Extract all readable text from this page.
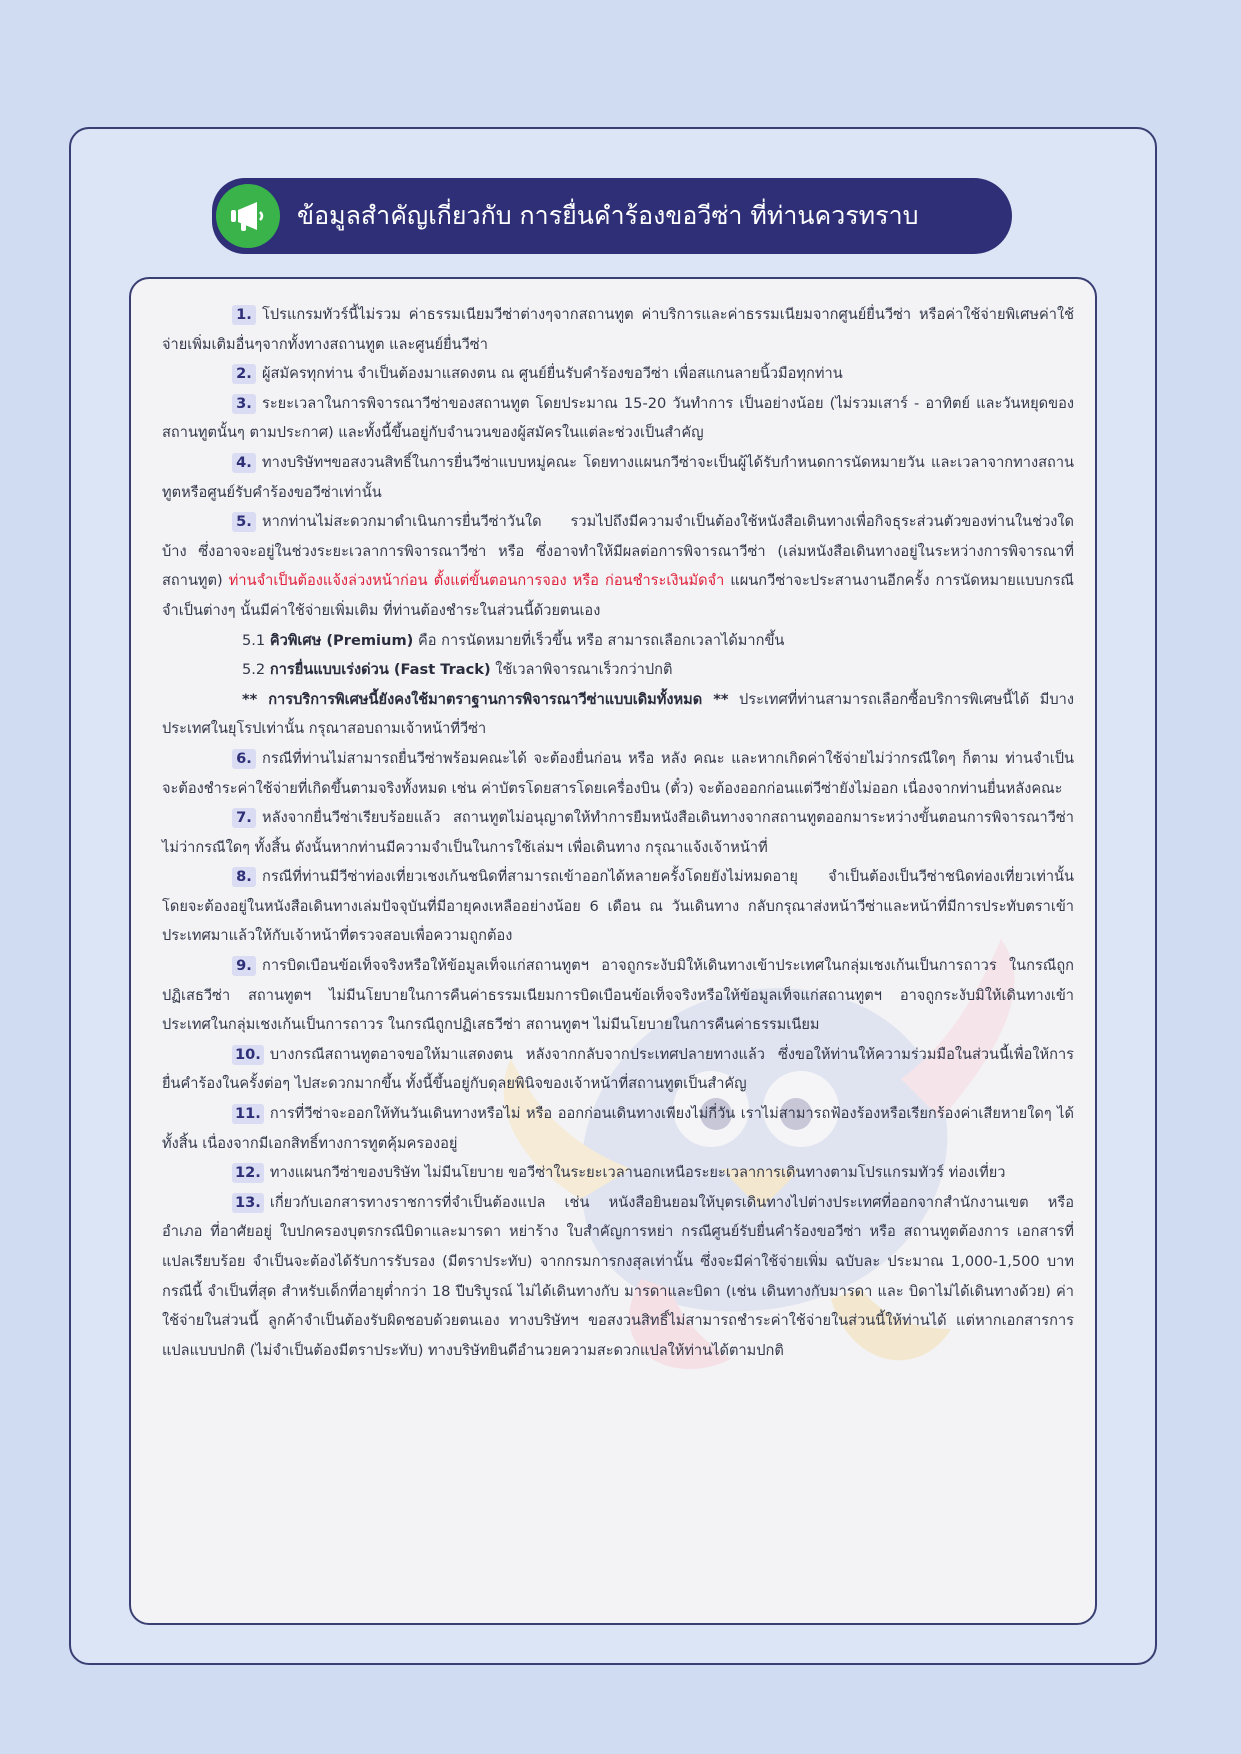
ข้อมูลสำคัญเกี่ยวกับ การยื่นคำร้องขอวีซ่า ที่ท่านควรทราบ

1. โปรแกรมทัวร์นี้ไม่รวม ค่าธรรมเนียมวีซ่าต่างๆจากสถานทูต ค่าบริการและค่าธรรมเนียมจากศูนย์ยื่นวีซ่า หรือค่าใช้จ่ายพิเศษค่าใช้จ่ายเพิ่มเติมอื่นๆจากทั้งทางสถานทูต และศูนย์ยื่นวีซ่า

2. ผู้สมัครทุกท่าน จำเป็นต้องมาแสดงตน ณ ศูนย์ยื่นรับคำร้องขอวีซ่า เพื่อสแกนลายนิ้วมือทุกท่าน

3. ระยะเวลาในการพิจารณาวีซ่าของสถานทูต โดยประมาณ 15-20 วันทำการ เป็นอย่างน้อย (ไม่รวมเสาร์ - อาทิตย์ และวันหยุดของสถานทูตนั้นๆ ตามประกาศ) และทั้งนี้ขึ้นอยู่กับจำนวนของผู้สมัครในแต่ละช่วงเป็นสำคัญ

4. ทางบริษัทฯขอสงวนสิทธิ์ในการยื่นวีซ่าแบบหมู่คณะ โดยทางแผนกวีซ่าจะเป็นผู้ได้รับกำหนดการนัดหมายวัน และเวลาจากทางสถานทูตหรือศูนย์รับคำร้องขอวีซ่าเท่านั้น

5. หากท่านไม่สะดวกมาดำเนินการยื่นวีซ่าวันใด รวมไปถึงมีความจำเป็นต้องใช้หนังสือเดินทางเพื่อกิจธุระส่วนตัวของท่านในช่วงใดบ้าง ซึ่งอาจจะอยู่ในช่วงระยะเวลาการพิจารณาวีซ่า หรือ ซึ่งอาจทำให้มีผลต่อการพิจารณาวีซ่า (เล่มหนังสือเดินทางอยู่ในระหว่างการพิจารณาที่สถานทูต) ท่านจำเป็นต้องแจ้งล่วงหน้าก่อน ตั้งแต่ขั้นตอนการจอง หรือ ก่อนชำระเงินมัดจำ แผนกวีซ่าจะประสานงานอีกครั้ง การนัดหมายแบบกรณีจำเป็นต่างๆ นั้นมีค่าใช้จ่ายเพิ่มเติม ที่ท่านต้องชำระในส่วนนี้ด้วยตนเอง

5.1 คิวพิเศษ (Premium) คือ การนัดหมายที่เร็วขึ้น หรือ สามารถเลือกเวลาได้มากขึ้น

5.2 การยื่นแบบเร่งด่วน (Fast Track) ใช้เวลาพิจารณาเร็วกว่าปกติ

** การบริการพิเศษนี้ยังคงใช้มาตราฐานการพิจารณาวีซ่าแบบเดิมทั้งหมด ** ประเทศที่ท่านสามารถเลือกซื้อบริการพิเศษนี้ได้ มีบางประเทศในยุโรปเท่านั้น กรุณาสอบถามเจ้าหน้าที่วีซ่า

6. กรณีที่ท่านไม่สามารถยื่นวีซ่าพร้อมคณะได้ จะต้องยื่นก่อน หรือ หลัง คณะ และหากเกิดค่าใช้จ่ายไม่ว่ากรณีใดๆ ก็ตาม ท่านจำเป็นจะต้องชำระค่าใช้จ่ายที่เกิดขึ้นตามจริงทั้งหมด เช่น ค่าบัตรโดยสารโดยเครื่องบิน (ตั๋ว) จะต้องออกก่อนแต่วีซ่ายังไม่ออก เนื่องจากท่านยื่นหลังคณะ

7. หลังจากยื่นวีซ่าเรียบร้อยแล้ว สถานทูตไม่อนุญาตให้ทำการยืมหนังสือเดินทางจากสถานทูตออกมาระหว่างขั้นตอนการพิจารณาวีซ่าไม่ว่ากรณีใดๆ ทั้งสิ้น ดังนั้นหากท่านมีความจำเป็นในการใช้เล่มฯ เพื่อเดินทาง กรุณาแจ้งเจ้าหน้าที่

8. กรณีที่ท่านมีวีซ่าท่องเที่ยวเชงเก้นชนิดที่สามารถเข้าออกได้หลายครั้งโดยยังไม่หมดอายุ จำเป็นต้องเป็นวีซ่าชนิดท่องเที่ยวเท่านั้น โดยจะต้องอยู่ในหนังสือเดินทางเล่มปัจจุบันที่มีอายุคงเหลืออย่างน้อย 6 เดือน ณ วันเดินทาง กลับกรุณาส่งหน้าวีซ่าและหน้าที่มีการประทับตราเข้าประเทศมาแล้วให้กับเจ้าหน้าที่ตรวจสอบเพื่อความถูกต้อง

9. การบิดเบือนข้อเท็จจริงหรือให้ข้อมูลเท็จแก่สถานทูตฯ อาจถูกระงับมิให้เดินทางเข้าประเทศในกลุ่มเชงเก้นเป็นการถาวร ในกรณีถูกปฏิเสธวีซ่า สถานทูตฯ ไม่มีนโยบายในการคืนค่าธรรมเนียมการบิดเบือนข้อเท็จจริงหรือให้ข้อมูลเท็จแก่สถานทูตฯ อาจถูกระงับมิให้เดินทางเข้าประเทศในกลุ่มเชงเก้นเป็นการถาวร ในกรณีถูกปฏิเสธวีซ่า สถานทูตฯ ไม่มีนโยบายในการคืนค่าธรรมเนียม

10. บางกรณีสถานทูตอาจขอให้มาแสดงตน หลังจากกลับจากประเทศปลายทางแล้ว ซึ่งขอให้ท่านให้ความร่วมมือในส่วนนี้เพื่อให้การยื่นคำร้องในครั้งต่อๆ ไปสะดวกมากขึ้น ทั้งนี้ขึ้นอยู่กับดุลยพินิจของเจ้าหน้าที่สถานทูตเป็นสำคัญ

11. การที่วีซ่าจะออกให้ทันวันเดินทางหรือไม่ หรือ ออกก่อนเดินทางเพียงไม่กี่วัน เราไม่สามารถฟ้องร้องหรือเรียกร้องค่าเสียหายใดๆ ได้ทั้งสิ้น เนื่องจากมีเอกสิทธิ์ทางการทูตคุ้มครองอยู่

12. ทางแผนกวีซ่าของบริษัท ไม่มีนโยบาย ขอวีซ่าในระยะเวลานอกเหนือระยะเวลาการเดินทางตามโปรแกรมทัวร์ ท่องเที่ยว

13. เกี่ยวกับเอกสารทางราชการที่จำเป็นต้องแปล เช่น หนังสือยินยอมให้บุตรเดินทางไปต่างประเทศที่ออกจากสำนักงานเขต หรือ อำเภอ ที่อาศัยอยู่ ใบปกครองบุตรกรณีบิดาและมารดา หย่าร้าง ใบสำคัญการหย่า กรณีศูนย์รับยื่นคำร้องขอวีซ่า หรือ สถานทูตต้องการ เอกสารที่แปลเรียบร้อย จำเป็นจะต้องได้รับการรับรอง (มีตราประทับ) จากกรมการกงสุลเท่านั้น ซึ่งจะมีค่าใช้จ่ายเพิ่ม ฉบับละ ประมาณ 1,000-1,500 บาท กรณีนี้ จำเป็นที่สุด สำหรับเด็กที่อายุต่ำกว่า 18 ปีบริบูรณ์ ไม่ได้เดินทางกับ มารดาและบิดา (เช่น เดินทางกับมารดา และ บิดาไม่ได้เดินทางด้วย) ค่าใช้จ่ายในส่วนนี้ ลูกค้าจำเป็นต้องรับผิดชอบด้วยตนเอง ทางบริษัทฯ ขอสงวนสิทธิ์ไม่สามารถชำระค่าใช้จ่ายในส่วนนี้ให้ท่านได้ แต่หากเอกสารการแปลแบบปกติ (ไม่จำเป็นต้องมีตราประทับ) ทางบริษัทยินดีอำนวยความสะดวกแปลให้ท่านได้ตามปกติ
